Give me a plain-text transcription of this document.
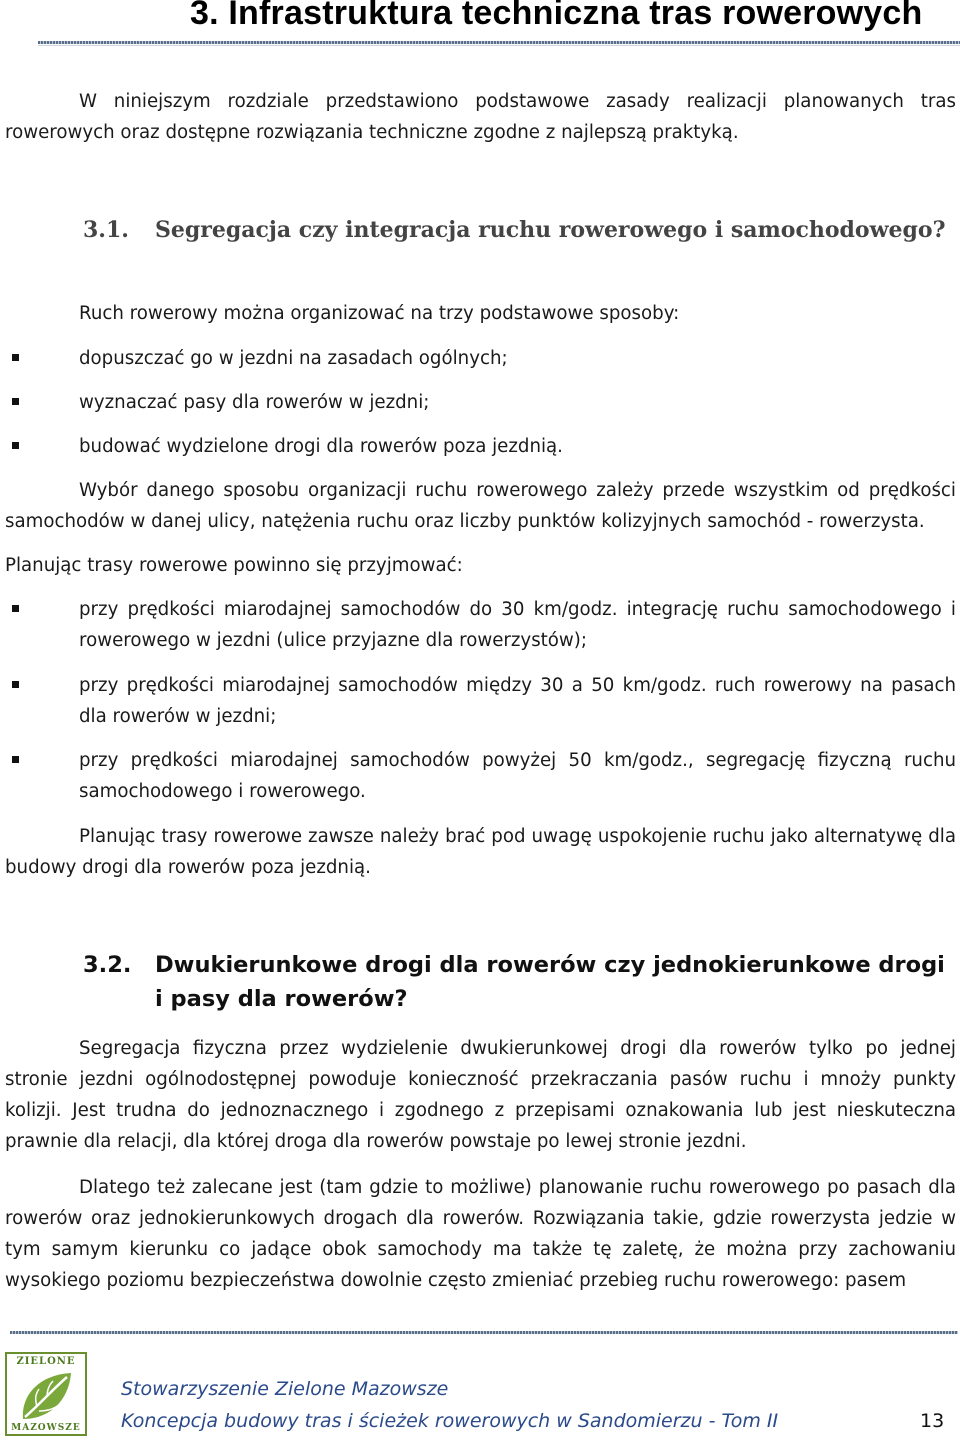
3. Infrastruktura techniczna tras rowerowych

W niniejszym rozdziale przedstawiono podstawowe zasady realizacji planowanych tras rowerowych oraz dostępne rozwiązania techniczne zgodne z najlepszą praktyką.

3.1. Segregacja czy integracja ruchu rowerowego i samochodowego?

Ruch rowerowy można organizować na trzy podstawowe sposoby:

dopuszczać go w jezdni na zasadach ogólnych;
wyznaczać pasy dla rowerów w jezdni;
budować wydzielone drogi dla rowerów poza jezdnią.

Wybór danego sposobu organizacji ruchu rowerowego zależy przede wszystkim od prędkości samochodów w danej ulicy, natężenia ruchu oraz liczby punktów kolizyjnych samochód - rowerzysta.

Planując trasy rowerowe powinno się przyjmować:

przy prędkości miarodajnej samochodów do 30 km/godz. integrację ruchu samochodowego i rowerowego w jezdni (ulice przyjazne dla rowerzystów);
przy prędkości miarodajnej samochodów między 30 a 50 km/godz. ruch rowerowy na pasach dla rowerów w jezdni;
przy prędkości miarodajnej samochodów powyżej 50 km/godz., segregację fizyczną ruchu samochodowego i rowerowego.

Planując trasy rowerowe zawsze należy brać pod uwagę uspokojenie ruchu jako alternatywę dla budowy drogi dla rowerów poza jezdnią.

3.2. Dwukierunkowe drogi dla rowerów czy jednokierunkowe drogi i pasy dla rowerów?

Segregacja fizyczna przez wydzielenie dwukierunkowej drogi dla rowerów tylko po jednej stronie jezdni ogólnodostępnej powoduje konieczność przekraczania pasów ruchu i mnoży punkty kolizji. Jest trudna do jednoznacznego i zgodnego z przepisami oznakowania lub jest nieskuteczna prawnie dla relacji, dla której droga dla rowerów powstaje po lewej stronie jezdni.

Dlatego też zalecane jest (tam gdzie to możliwe) planowanie ruchu rowerowego po pasach dla rowerów oraz jednokierunkowych drogach dla rowerów. Rozwiązania takie, gdzie rowerzysta jedzie w tym samym kierunku co jadące obok samochody ma także tę zaletę, że można przy zachowaniu wysokiego poziomu bezpieczeństwa dowolnie często zmieniać przebieg ruchu rowerowego: pasem

ZIELONE
MAZOWSZE
Stowarzyszenie Zielone Mazowsze
Koncepcja budowy tras i ścieżek rowerowych w Sandomierzu - Tom II	13
